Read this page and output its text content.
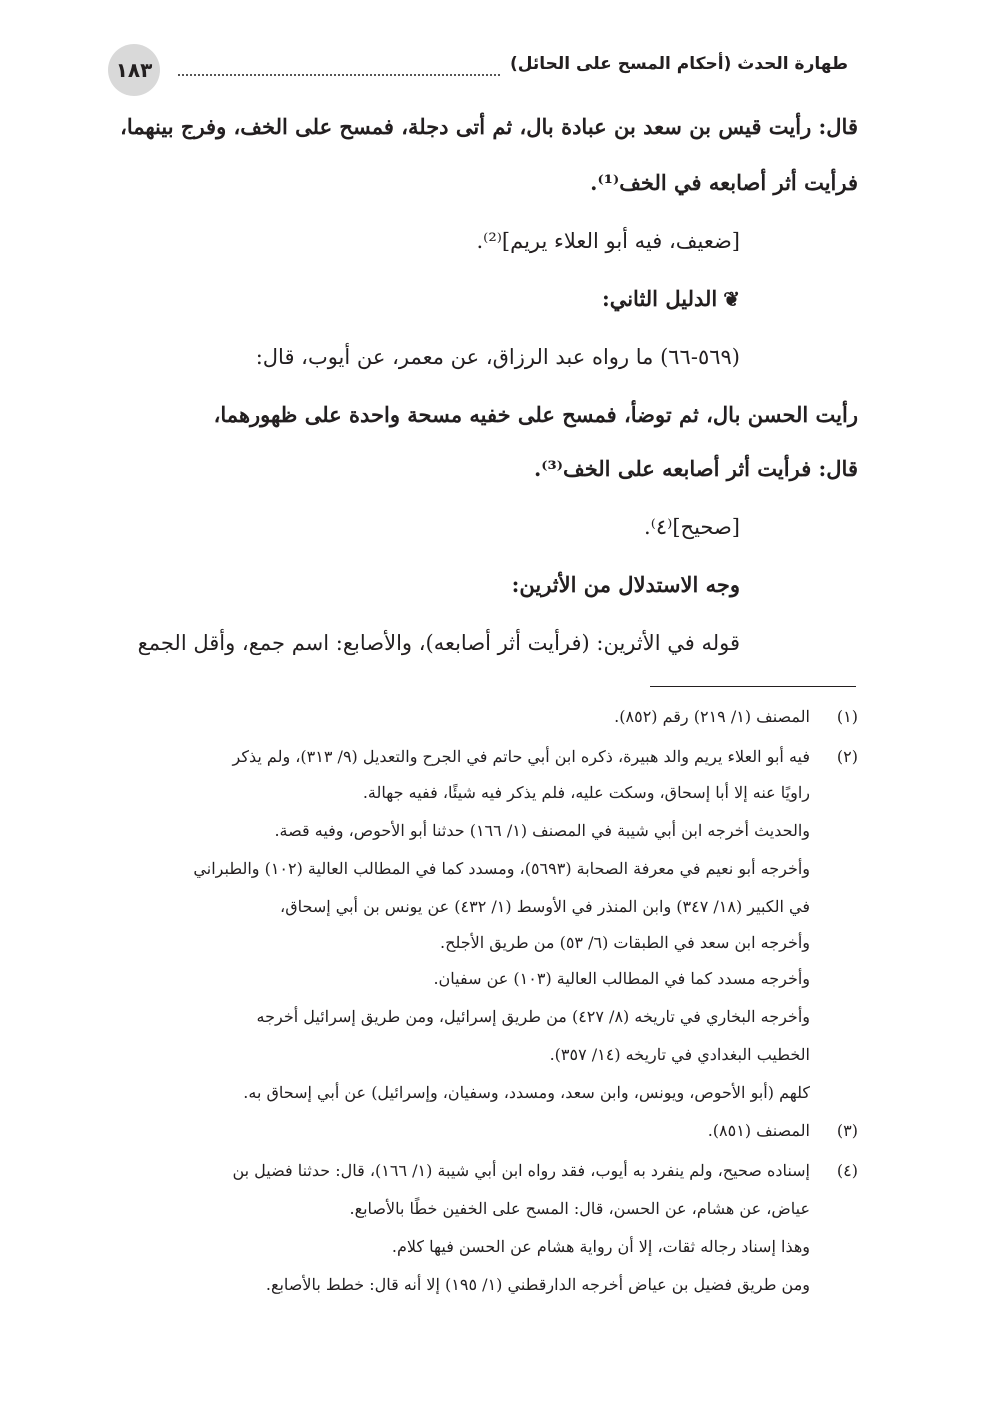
١٨٣	طهارة الحدث (أحكام المسح على الحائل)
قال: رأيت قيس بن سعد بن عبادة بال، ثم أتى دجلة، فمسح على الخف، وفرج بينهما،
فرأيت أثر أصابعه في الخف⁽¹⁾.
[ضعيف، فيه أبو العلاء يريم]⁽²⁾.
❦الدليل الثاني:
(٥٦٩-٦٦) ما رواه عبد الرزاق، عن معمر، عن أيوب، قال:
رأيت الحسن بال، ثم توضأ، فمسح على خفيه مسحة واحدة على ظهورهما،
قال: فرأيت أثر أصابعه على الخف⁽³⁾.
[صحيح]⁽٤⁾.
وجه الاستدلال من الأثرين:
قوله في الأثرين: (فرأيت أثر أصابعه)، والأصابع: اسم جمع، وأقل الجمع
(١)المصنف (١/ ٢١٩) رقم (٨٥٢).
(٢)فيه أبو العلاء يريم والد هبيرة، ذكره ابن أبي حاتم في الجرح والتعديل (٩/ ٣١٣)، ولم يذكر
راويًا عنه إلا أبا إسحاق، وسكت عليه، فلم يذكر فيه شيئًا، ففيه جهالة.
والحديث أخرجه ابن أبي شيبة في المصنف (١/ ١٦٦) حدثنا أبو الأحوص، وفيه قصة.
وأخرجه أبو نعيم في معرفة الصحابة (٥٦٩٣)، ومسدد كما في المطالب العالية (١٠٢) والطبراني
في الكبير (١٨/ ٣٤٧) وابن المنذر في الأوسط (١/ ٤٣٢) عن يونس بن أبي إسحاق،
وأخرجه ابن سعد في الطبقات (٦/ ٥٣) من طريق الأجلح.
وأخرجه مسدد كما في المطالب العالية (١٠٣) عن سفيان.
وأخرجه البخاري في تاريخه (٨/ ٤٢٧) من طريق إسرائيل، ومن طريق إسرائيل أخرجه
الخطيب البغدادي في تاريخه (١٤/ ٣٥٧).
كلهم (أبو الأحوص، ويونس، وابن سعد، ومسدد، وسفيان، وإسرائيل) عن أبي إسحاق به.
(٣)المصنف (٨٥١).
(٤)إسناده صحيح، ولم ينفرد به أيوب، فقد رواه ابن أبي شيبة (١/ ١٦٦)، قال: حدثنا فضيل بن
عياض، عن هشام، عن الحسن، قال: المسح على الخفين خطًا بالأصابع.
وهذا إسناد رجاله ثقات، إلا أن رواية هشام عن الحسن فيها كلام.
ومن طريق فضيل بن عياض أخرجه الدارقطني (١/ ١٩٥) إلا أنه قال: خطط بالأصابع.
